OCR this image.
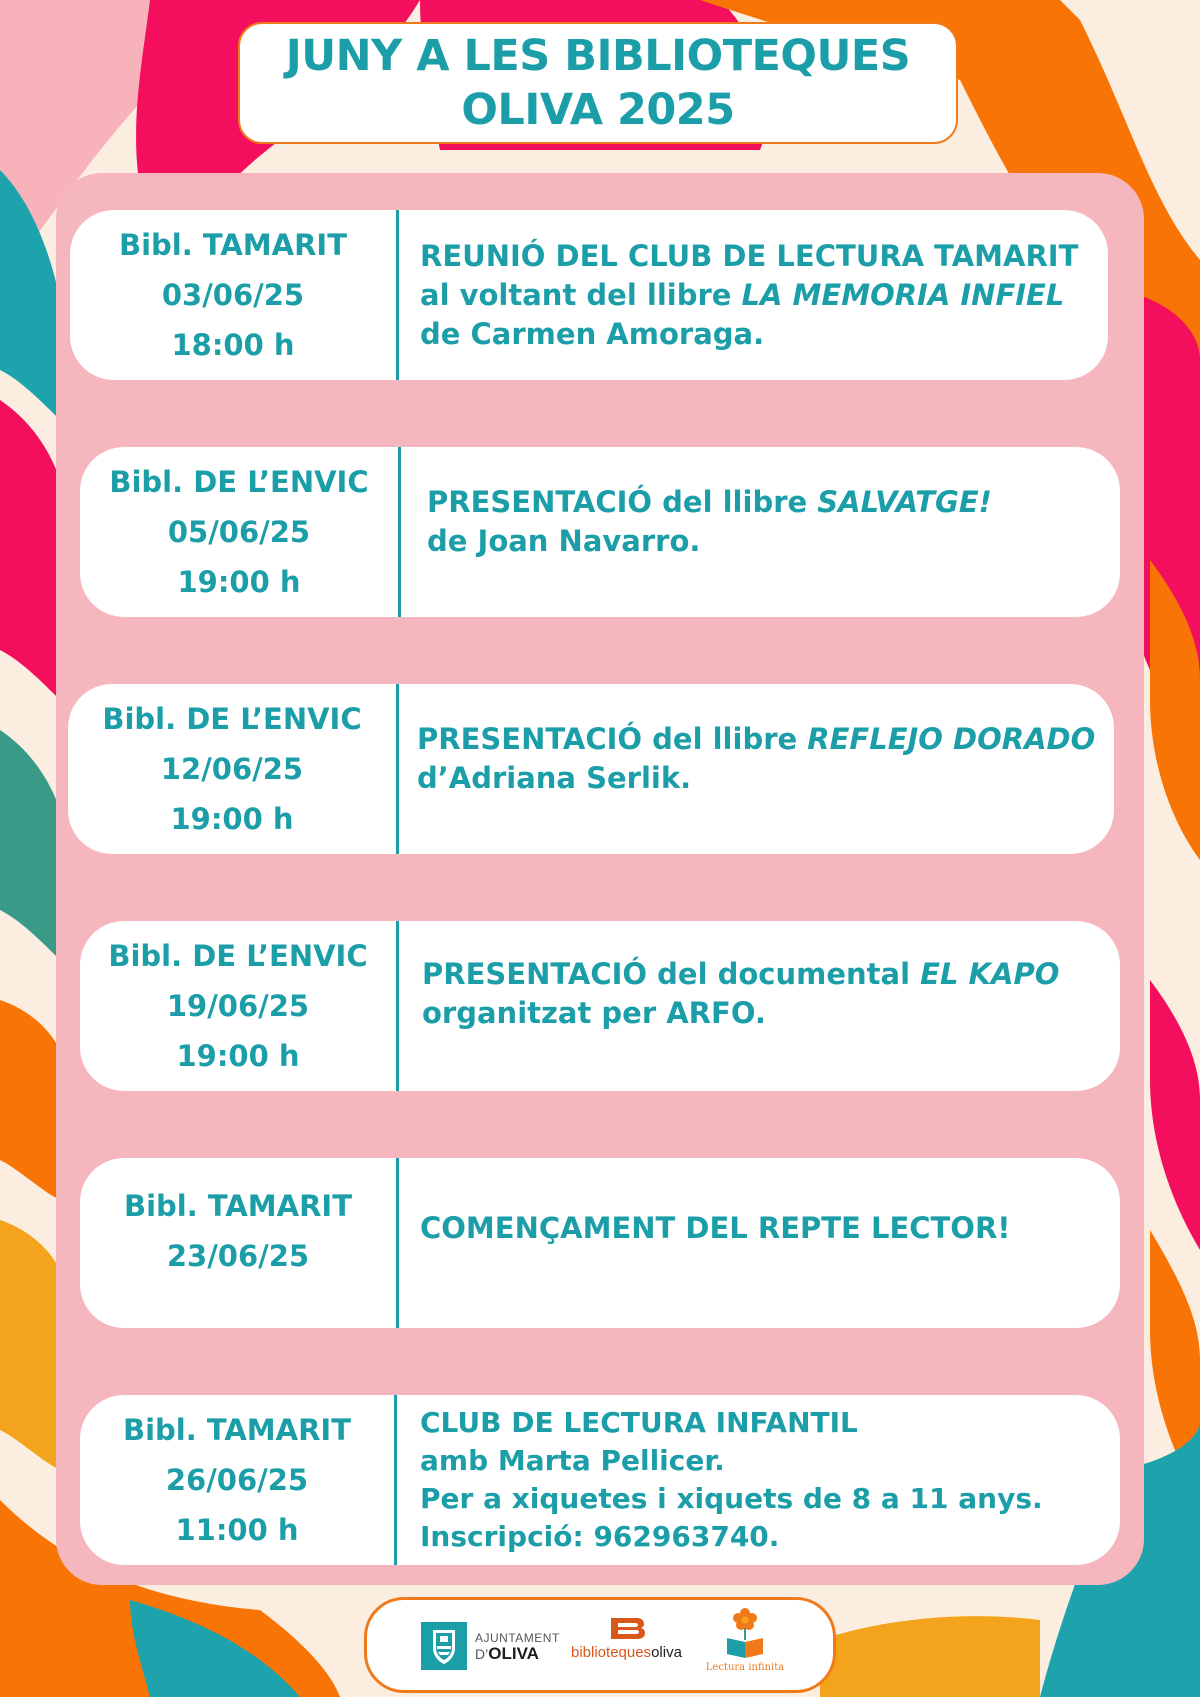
JUNY A LES BIBLIOTEQUES
OLIVA 2025
Bibl. TAMARIT
03/06/25
18:00 h
REUNIÓ DEL CLUB DE LECTURA TAMARIT
al voltant del llibre LA MEMORIA INFIEL
de Carmen Amoraga.
Bibl. DE L’ENVIC
05/06/25
19:00 h
PRESENTACIÓ del llibre SALVATGE!
de Joan Navarro.
Bibl. DE L’ENVIC
12/06/25
19:00 h
PRESENTACIÓ del llibre REFLEJO DORADO
d’Adriana Serlik.
Bibl. DE L’ENVIC
19/06/25
19:00 h
PRESENTACIÓ del documental EL KAPO
organitzat per ARFO.
Bibl. TAMARIT
23/06/25
COMENÇAMENT DEL REPTE LECTOR!
Bibl. TAMARIT
26/06/25
11:00 h
CLUB DE LECTURA INFANTIL
amb Marta Pellicer.
Per a xiquetes i xiquets de 8 a 11 anys.
Inscripció: 962963740.
AJUNTAMENT
D’OLIVA	bibliotequesoliva
Lectura infinita
